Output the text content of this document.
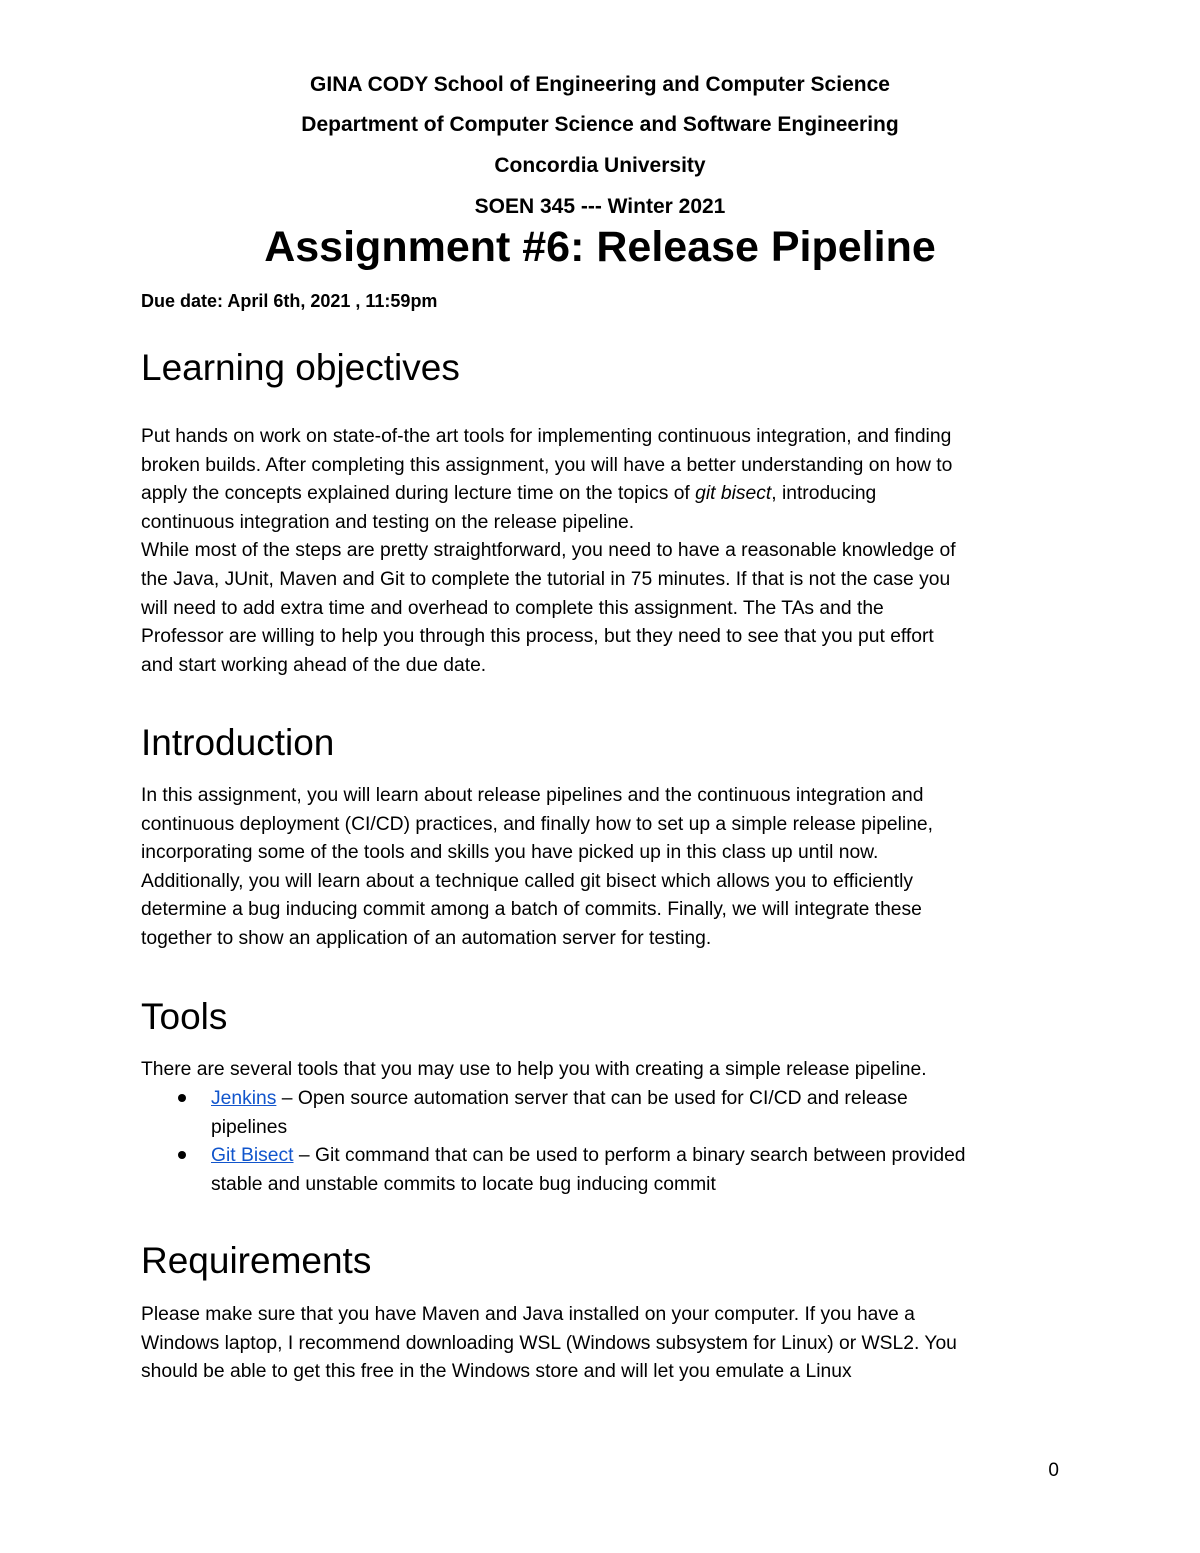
GINA CODY School of Engineering and Computer Science
Department of Computer Science and Software Engineering
Concordia University
SOEN 345 --- Winter 2021
Assignment #6: Release Pipeline
Due date: April 6th, 2021 , 11:59pm
Learning objectives
Put hands on work on state-of-the art tools for implementing continuous integration, and finding
broken builds. After completing this assignment, you will have a better understanding on how to
apply the concepts explained during lecture time on the topics of git bisect, introducing
continuous integration and testing on the release pipeline.
While most of the steps are pretty straightforward, you need to have a reasonable knowledge of
the Java, JUnit, Maven and Git to complete the tutorial in 75 minutes. If that is not the case you
will need to add extra time and overhead to complete this assignment. The TAs and the
Professor are willing to help you through this process, but they need to see that you put effort
and start working ahead of the due date.
Introduction
In this assignment, you will learn about release pipelines and the continuous integration and
continuous deployment (CI/CD) practices, and finally how to set up a simple release pipeline,
incorporating some of the tools and skills you have picked up in this class up until now.
Additionally, you will learn about a technique called git bisect which allows you to efficiently
determine a bug inducing commit among a batch of commits. Finally, we will integrate these
together to show an application of an automation server for testing.
Tools
There are several tools that you may use to help you with creating a simple release pipeline.
Jenkins – Open source automation server that can be used for CI/CD and release
pipelines
Git Bisect – Git command that can be used to perform a binary search between provided
stable and unstable commits to locate bug inducing commit
Requirements
Please make sure that you have Maven and Java installed on your computer. If you have a
Windows laptop, I recommend downloading WSL (Windows subsystem for Linux) or WSL2. You
should be able to get this free in the Windows store and will let you emulate a Linux
0
